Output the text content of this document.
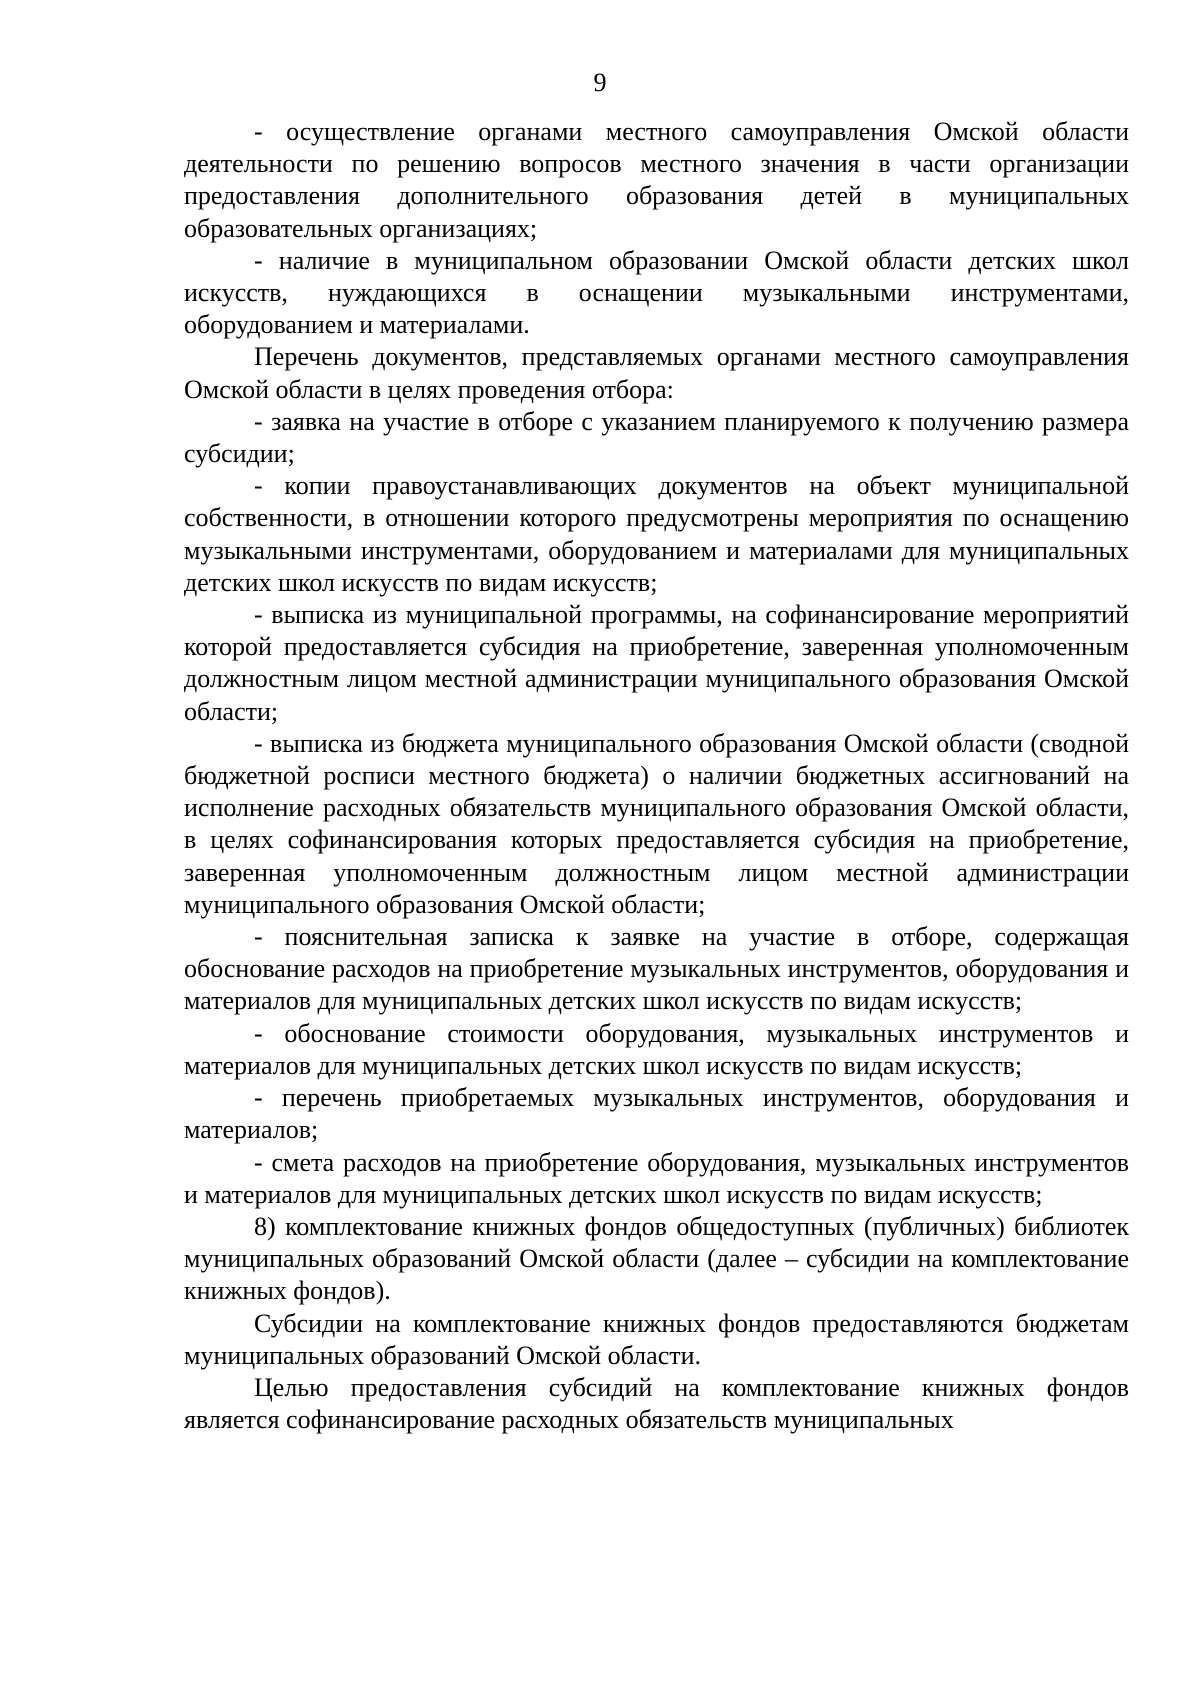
9

- осуществление органами местного самоуправления Омской области деятельности по решению вопросов местного значения в части организации предоставления дополнительного образования детей в муниципальных образовательных организациях;

- наличие в муниципальном образовании Омской области детских школ искусств, нуждающихся в оснащении музыкальными инструментами, оборудованием и материалами.

Перечень документов, представляемых органами местного самоуправления Омской области в целях проведения отбора:

- заявка на участие в отборе с указанием планируемого к получению размера субсидии;

- копии правоустанавливающих документов на объект муниципальной собственности, в отношении которого предусмотрены мероприятия по оснащению музыкальными инструментами, оборудованием и материалами для муниципальных детских школ искусств по видам искусств;

- выписка из муниципальной программы, на софинансирование мероприятий которой предоставляется субсидия на приобретение, заверенная уполномоченным должностным лицом местной администрации муниципального образования Омской области;

- выписка из бюджета муниципального образования Омской области (сводной бюджетной росписи местного бюджета) о наличии бюджетных ассигнований на исполнение расходных обязательств муниципального образования Омской области, в целях софинансирования которых предоставляется субсидия на приобретение, заверенная уполномоченным должностным лицом местной администрации муниципального образования Омской области;

- пояснительная записка к заявке на участие в отборе, содержащая обоснование расходов на приобретение музыкальных инструментов, оборудования и материалов для муниципальных детских школ искусств по видам искусств;

- обоснование стоимости оборудования, музыкальных инструментов и материалов для муниципальных детских школ искусств по видам искусств;

- перечень приобретаемых музыкальных инструментов, оборудования и материалов;

- смета расходов на приобретение оборудования, музыкальных инструментов и материалов для муниципальных детских школ искусств по видам искусств;

8) комплектование книжных фондов общедоступных (публичных) библиотек муниципальных образований Омской области (далее – субсидии на комплектование книжных фондов).

Субсидии на комплектование книжных фондов предоставляются бюджетам муниципальных образований Омской области.

Целью предоставления субсидий на комплектование книжных фондов является софинансирование расходных обязательств муниципальных
